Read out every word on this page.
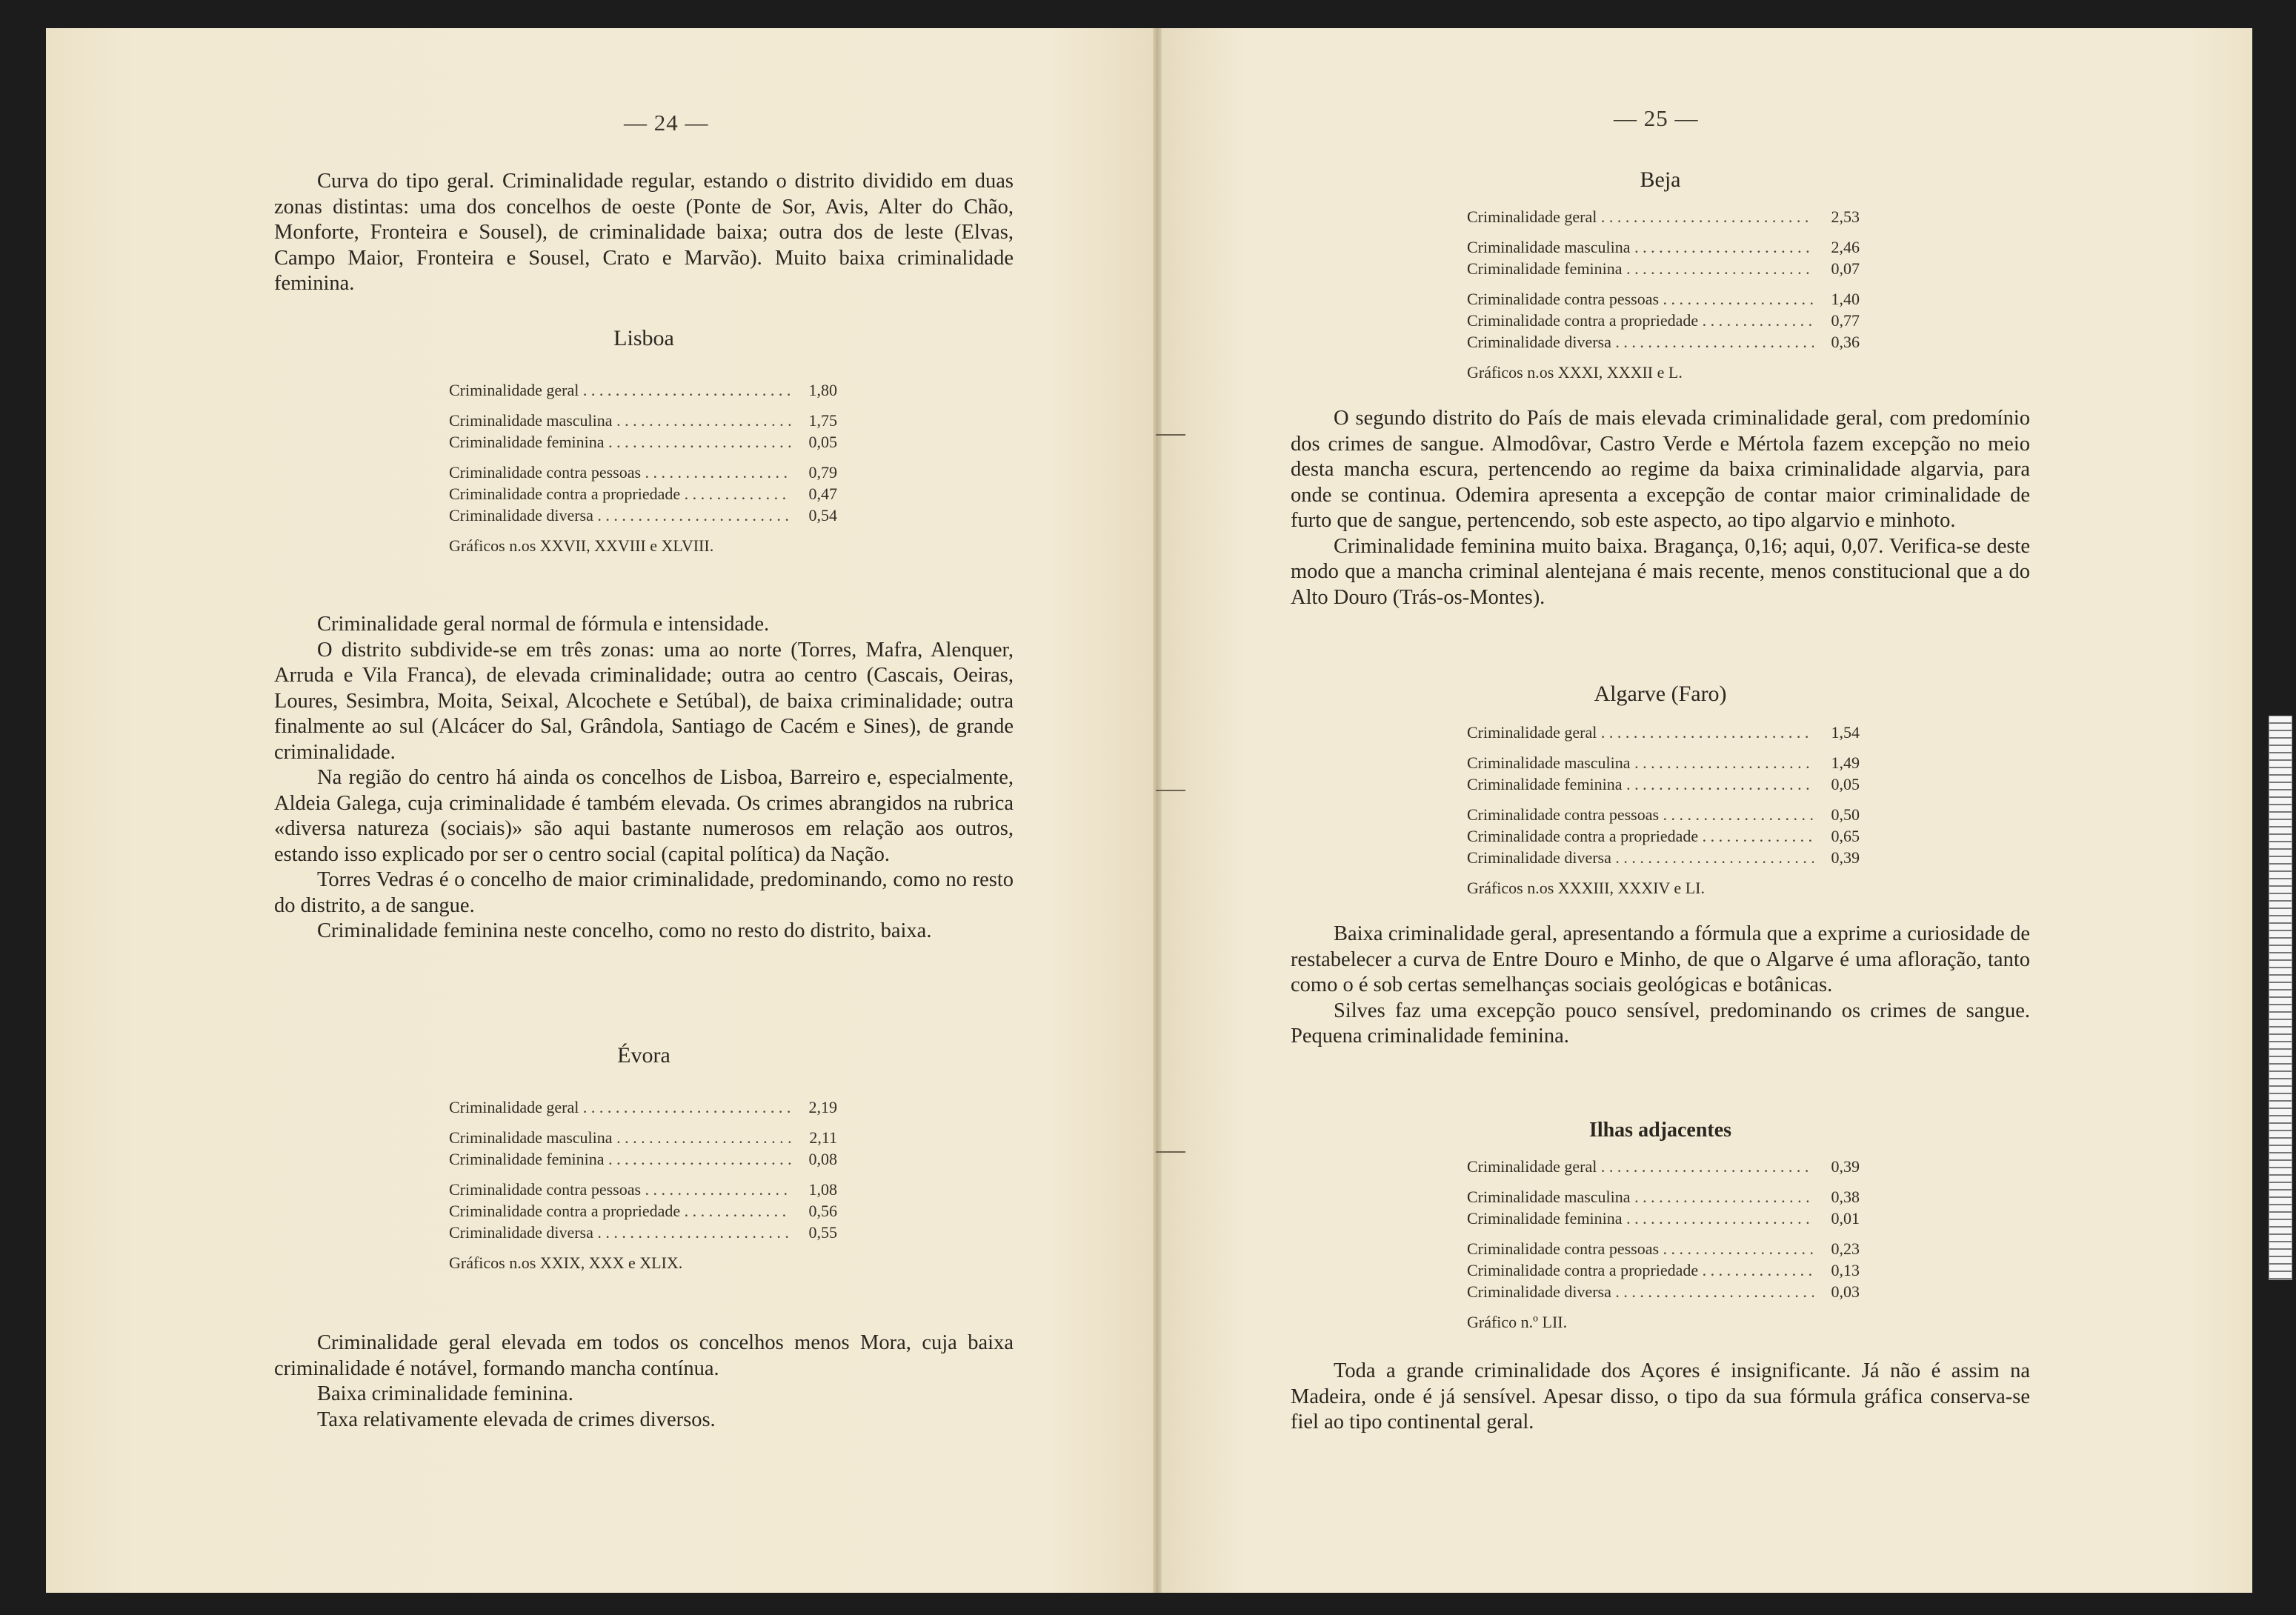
— 24 —

Curva do tipo geral. Criminalidade regular, estando o distrito dividido em duas zonas distintas: uma dos concelhos de oeste (Ponte de Sor, Avis, Alter do Chão, Monforte, Fronteira e Sousel), de criminalidade baixa; outra dos de leste (Elvas, Campo Maior, Fronteira e Sousel, Crato e Marvão). Muito baixa criminalidade feminina.

Lisboa
Criminalidade geral . . .	1,80
Criminalidade masculina . . .	1,75
Criminalidade feminina . . .	0,05
Criminalidade contra pessoas . . .	0,79
Criminalidade contra a propriedade . . .	0,47
Criminalidade diversa . . .	0,54
Gráficos n.os XXVII, XXVIII e XLVIII.

Criminalidade geral normal de fórmula e intensidade.

O distrito subdivide-se em três zonas: uma ao norte (Torres, Mafra, Alenquer, Arruda e Vila Franca), de elevada criminalidade; outra ao centro (Cascais, Oeiras, Loures, Sesimbra, Moita, Seixal, Alcochete e Setúbal), de baixa criminalidade; outra finalmente ao sul (Alcácer do Sal, Grândola, Santiago de Cacém e Sines), de grande criminalidade.

Na região do centro há ainda os concelhos de Lisboa, Barreiro e, especialmente, Aldeia Galega, cuja criminalidade é também elevada. Os crimes abrangidos na rubrica «diversa natureza (sociais)» são aqui bastante numerosos em relação aos outros, estando isso explicado por ser o centro social (capital política) da Nação.

Torres Vedras é o concelho de maior criminalidade, predominando, como no resto do distrito, a de sangue.

Criminalidade feminina neste concelho, como no resto do distrito, baixa.

Évora
Criminalidade geral . . .	2,19
Criminalidade masculina . . .	2,11
Criminalidade feminina . . .	0,08
Criminalidade contra pessoas . . .	1,08
Criminalidade contra a propriedade . . .	0,56
Criminalidade diversa . . .	0,55
Gráficos n.os XXIX, XXX e XLIX.

Criminalidade geral elevada em todos os concelhos menos Mora, cuja baixa criminalidade é notável, formando mancha contínua.

Baixa criminalidade feminina.

Taxa relativamente elevada de crimes diversos.

— 25 —
Beja
Criminalidade geral . . .	2,53
Criminalidade masculina . . .	2,46
Criminalidade feminina . . .	0,07
Criminalidade contra pessoas . . .	1,40
Criminalidade contra a propriedade . . .	0,77
Criminalidade diversa . . .	0,36
Gráficos n.os XXXI, XXXII e L.

O segundo distrito do País de mais elevada criminalidade geral, com predomínio dos crimes de sangue. Almodôvar, Castro Verde e Mértola fazem excepção no meio desta mancha escura, pertencendo ao regime da baixa criminalidade algarvia, para onde se continua. Odemira apresenta a excepção de contar maior criminalidade de furto que de sangue, pertencendo, sob este aspecto, ao tipo algarvio e minhoto.

Criminalidade feminina muito baixa. Bragança, 0,16; aqui, 0,07. Verifica-se deste modo que a mancha criminal alentejana é mais recente, menos constitucional que a do Alto Douro (Trás-os-Montes).

Algarve (Faro)
Criminalidade geral . . .	1,54
Criminalidade masculina . . .	1,49
Criminalidade feminina . . .	0,05
Criminalidade contra pessoas . . .	0,50
Criminalidade contra a propriedade . . .	0,65
Criminalidade diversa . . .	0,39
Gráficos n.os XXXIII, XXXIV e LI.

Baixa criminalidade geral, apresentando a fórmula que a exprime a curiosidade de restabelecer a curva de Entre Douro e Minho, de que o Algarve é uma afloração, tanto como o é sob certas semelhanças sociais geológicas e botânicas.

Silves faz uma excepção pouco sensível, predominando os crimes de sangue. Pequena criminalidade feminina.

Ilhas adjacentes
Criminalidade geral . . .	0,39
Criminalidade masculina . . .	0,38
Criminalidade feminina . . .	0,01
Criminalidade contra pessoas . . .	0,23
Criminalidade contra a propriedade . . .	0,13
Criminalidade diversa . . .	0,03
Gráfico n.º LII.

Toda a grande criminalidade dos Açores é insignificante. Já não é assim na Madeira, onde é já sensível. Apesar disso, o tipo da sua fórmula gráfica conserva-se fiel ao tipo continental geral.
